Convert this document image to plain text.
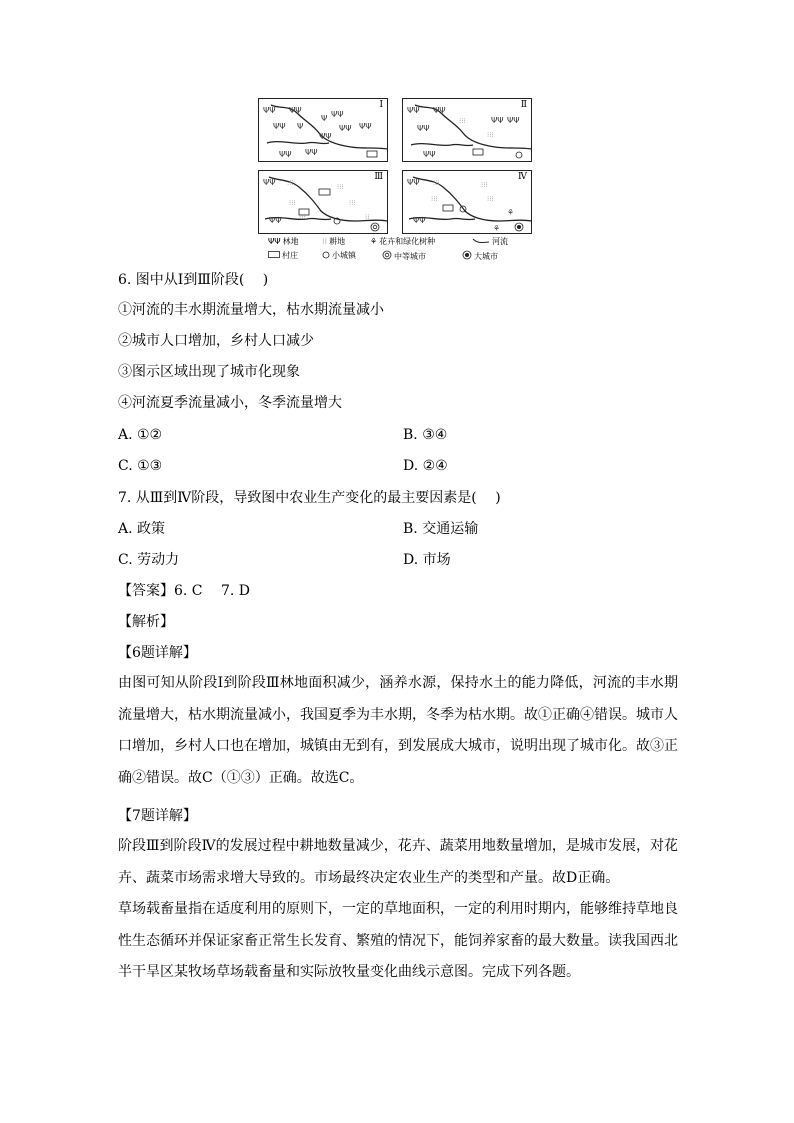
ΨΨ ΨΨ
ΨΨ Ψ
Ψ ΨΨ
ΨΨ ΨΨ
ΨΨ
ΨΨ ΨΨ
Ⅰ
ΨΨ ΨΨ
ΨΨ
ΨΨ ΨΨ
ΨΨ
⁝⁝⁝
⁝⁝⁝
Ⅱ
ΨΨ
ΨΨ
⁝⁝⁝	⁝⁝⁝
⁝⁝⁝	⁝⁝⁝
⁝⁝⁝	⁝⁝
Ⅲ
ΨΨ
ΨΨ
⚘
⚘
⁝⁝⁝	⁝⁝⁝
⁝⁝⁝	⁝⁝⁝
Ⅳ
ΨΨ 林地	⁝⁝ 耕地	⚘ 花卉和绿化树种	河流
村庄	小城镇	中等城市	大城市
6. 图中从Ⅰ到Ⅲ阶段(　 )
①河流的丰水期流量增大，枯水期流量减小
②城市人口增加，乡村人口减少
③图示区域出现了城市化现象
④河流夏季流量减小，冬季流量增大
A. ①②	B. ③④
C. ①③	D. ②④
7. 从Ⅲ到Ⅳ阶段，导致图中农业生产变化的最主要因素是(　 )
A. 政策	B. 交通运输
C. 劳动力	D. 市场
【答案】6. C　 7. D
【解析】
【6题详解】
由图可知从阶段Ⅰ到阶段Ⅲ林地面积减少，涵养水源，保持水土的能力降低，河流的丰水期流量增大，枯水期流量减小，我国夏季为丰水期，冬季为枯水期。故①正确④错误。城市人口增加，乡村人口也在增加，城镇由无到有，到发展成大城市，说明出现了城市化。故③正确②错误。故C（①③）正确。故选C。
【7题详解】
阶段Ⅲ到阶段Ⅳ的发展过程中耕地数量减少，花卉、蔬菜用地数量增加，是城市发展，对花卉、蔬菜市场需求增大导致的。市场最终决定农业生产的类型和产量。故D正确。
草场载畜量指在适度利用的原则下，一定的草地面积，一定的利用时期内，能够维持草地良性生态循环并保证家畜正常生长发育、繁殖的情况下，能饲养家畜的最大数量。读我国西北半干旱区某牧场草场载畜量和实际放牧量变化曲线示意图。完成下列各题。
